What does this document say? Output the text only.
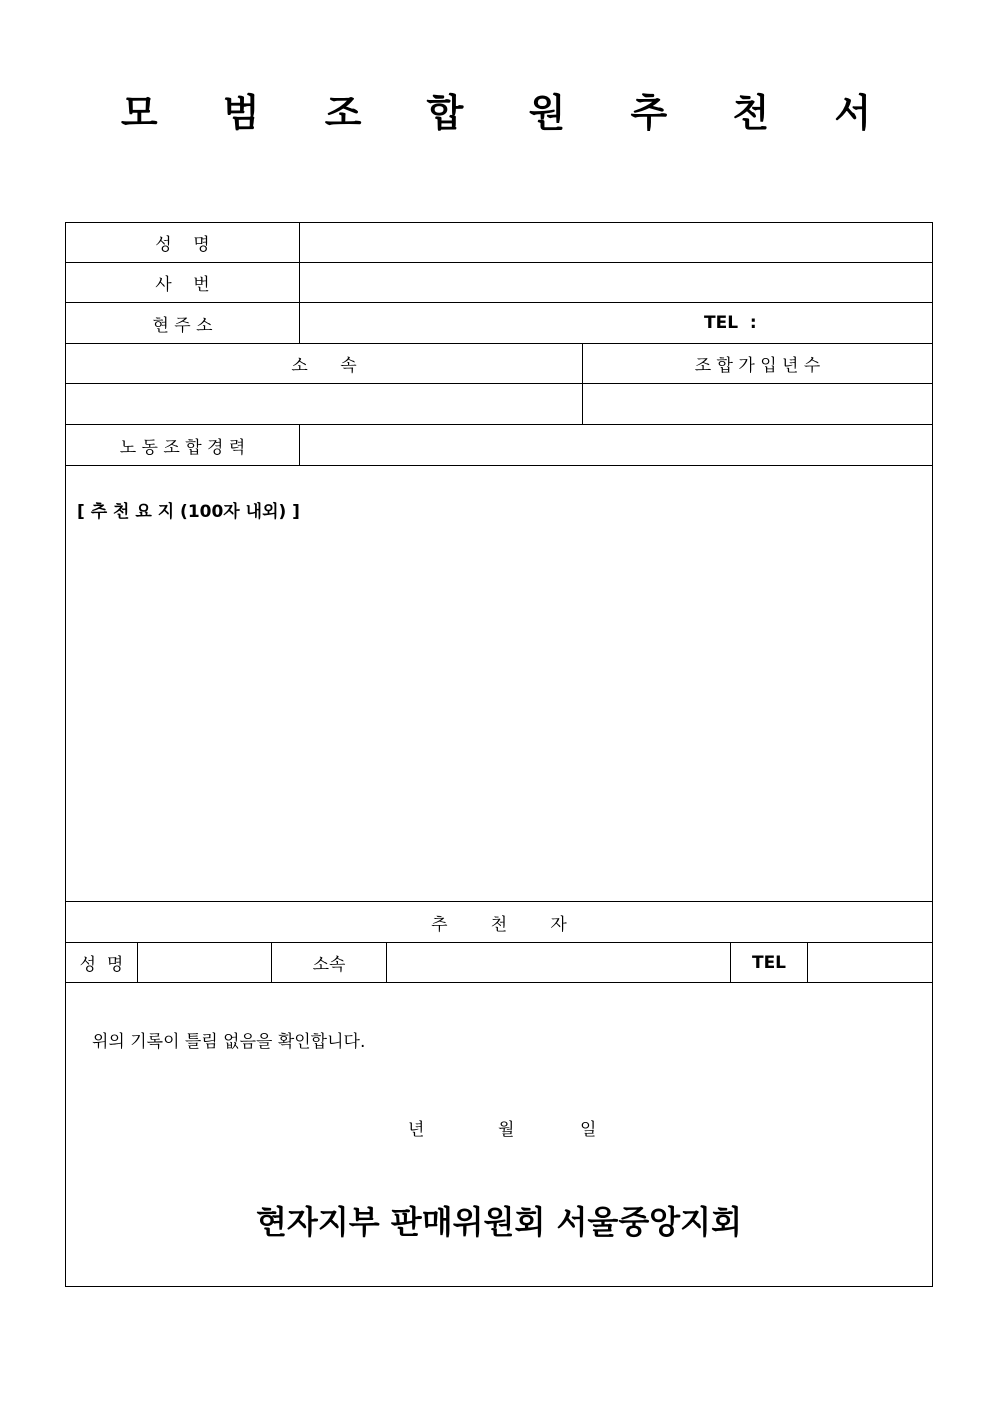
모 범 조 합 원 추 천 서
성    명
사    번
현 주 소	TEL  :
소      속	조 합 가 입 년 수
노 동 조 합 경 력
[ 추 천 요 지 (100자 내외) ]
추        천        자
성  명	소속	TEL
위의 기록이 틀림 없음을 확인합니다.
년	월	일
현자지부 판매위원회 서울중앙지회
